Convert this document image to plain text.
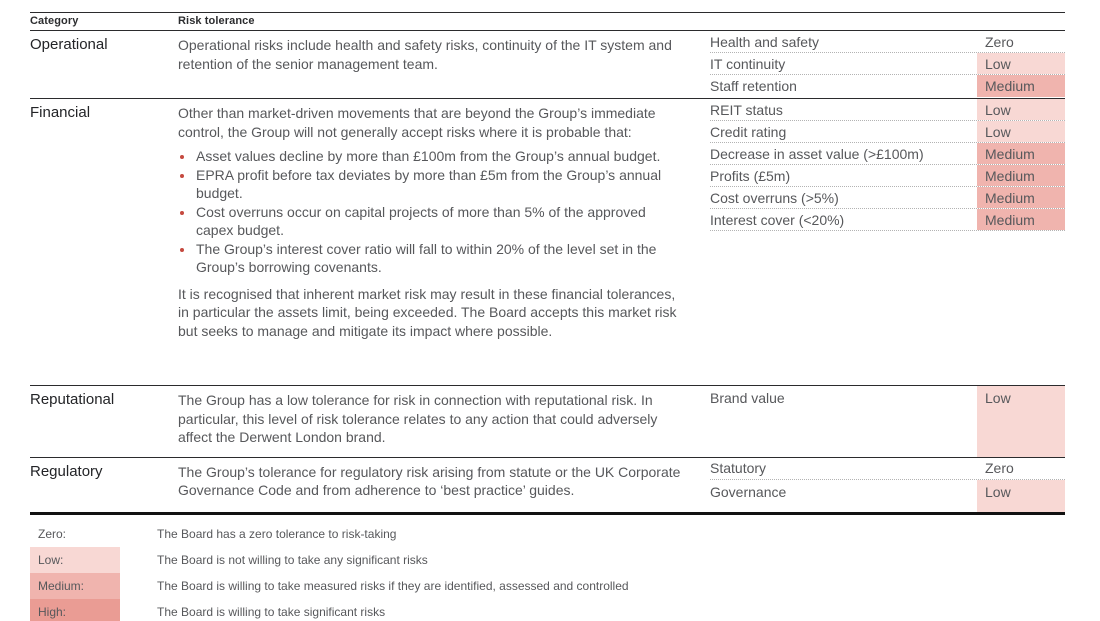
Category	Risk tolerance
Operational	Operational risks include health and safety risks, continuity of the IT system and retention of the senior management team.

Health and safety	Zero
IT continuity	Low
Staff retention	Medium
Financial	Other than market-driven movements that are beyond the Group’s immediate control, the Group will not generally accept risks where it is probable that:

• Asset values decline by more than £100m from the Group’s annual budget.
• EPRA profit before tax deviates by more than £5m from the Group’s annual budget.
• Cost overruns occur on capital projects of more than 5% of the approved capex budget.
• The Group’s interest cover ratio will fall to within 20% of the level set in the Group’s borrowing covenants.

It is recognised that inherent market risk may result in these financial tolerances, in particular the assets limit, being exceeded. The Board accepts this market risk but seeks to manage and mitigate its impact where possible.

REIT status	Low
Credit rating	Low
Decrease in asset value (>£100m)	Medium
Profits (£5m)	Medium
Cost overruns (>5%)	Medium
Interest cover (<20%)	Medium
Reputational	The Group has a low tolerance for risk in connection with reputational risk. In particular, this level of risk tolerance relates to any action that could adversely affect the Derwent London brand.

Brand value	Low
Regulatory	The Group’s tolerance for regulatory risk arising from statute or the UK Corporate Governance Code and from adherence to ‘best practice’ guides.

Statutory	Zero
Governance	Low
Zero:	The Board has a zero tolerance to risk-taking
Low:	The Board is not willing to take any significant risks
Medium:	The Board is willing to take measured risks if they are identified, assessed and controlled
High:	The Board is willing to take significant risks
